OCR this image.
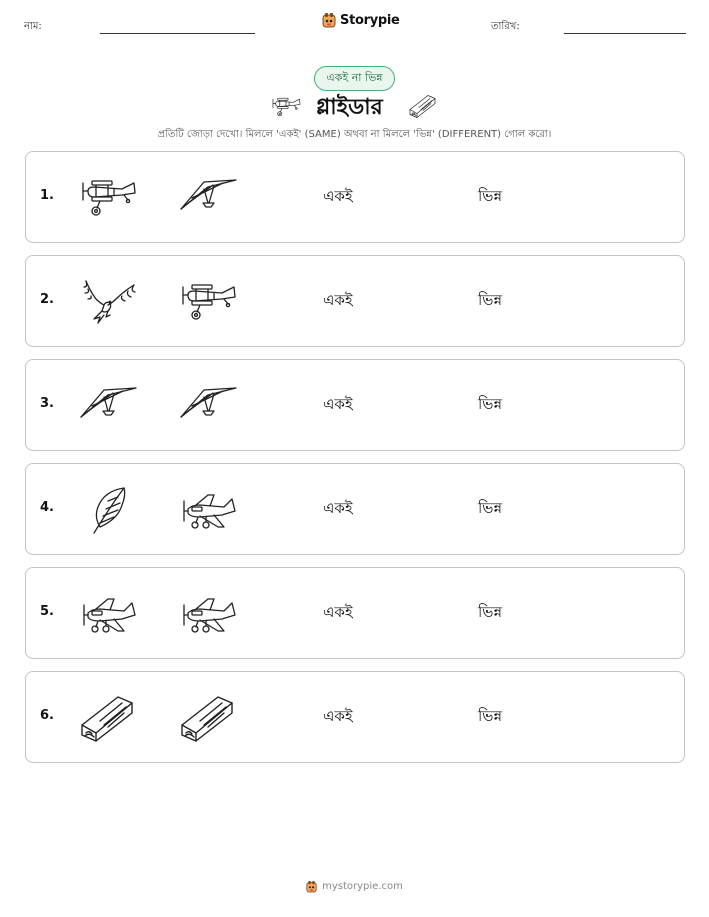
নাম:	Storypie	তারিখ:
একই না ভিন্ন
গ্লাইডার
প্রতিটি জোড়া দেখো। মিললে 'একই' (SAME) অথবা না মিললে 'ভিন্ন' (DIFFERENT) গোল করো।
1.	একই	ভিন্ন
2.	একই	ভিন্ন
3.	একই	ভিন্ন
4.	একই	ভিন্ন
5.	একই	ভিন্ন
6.	একই	ভিন্ন
mystorypie.com
